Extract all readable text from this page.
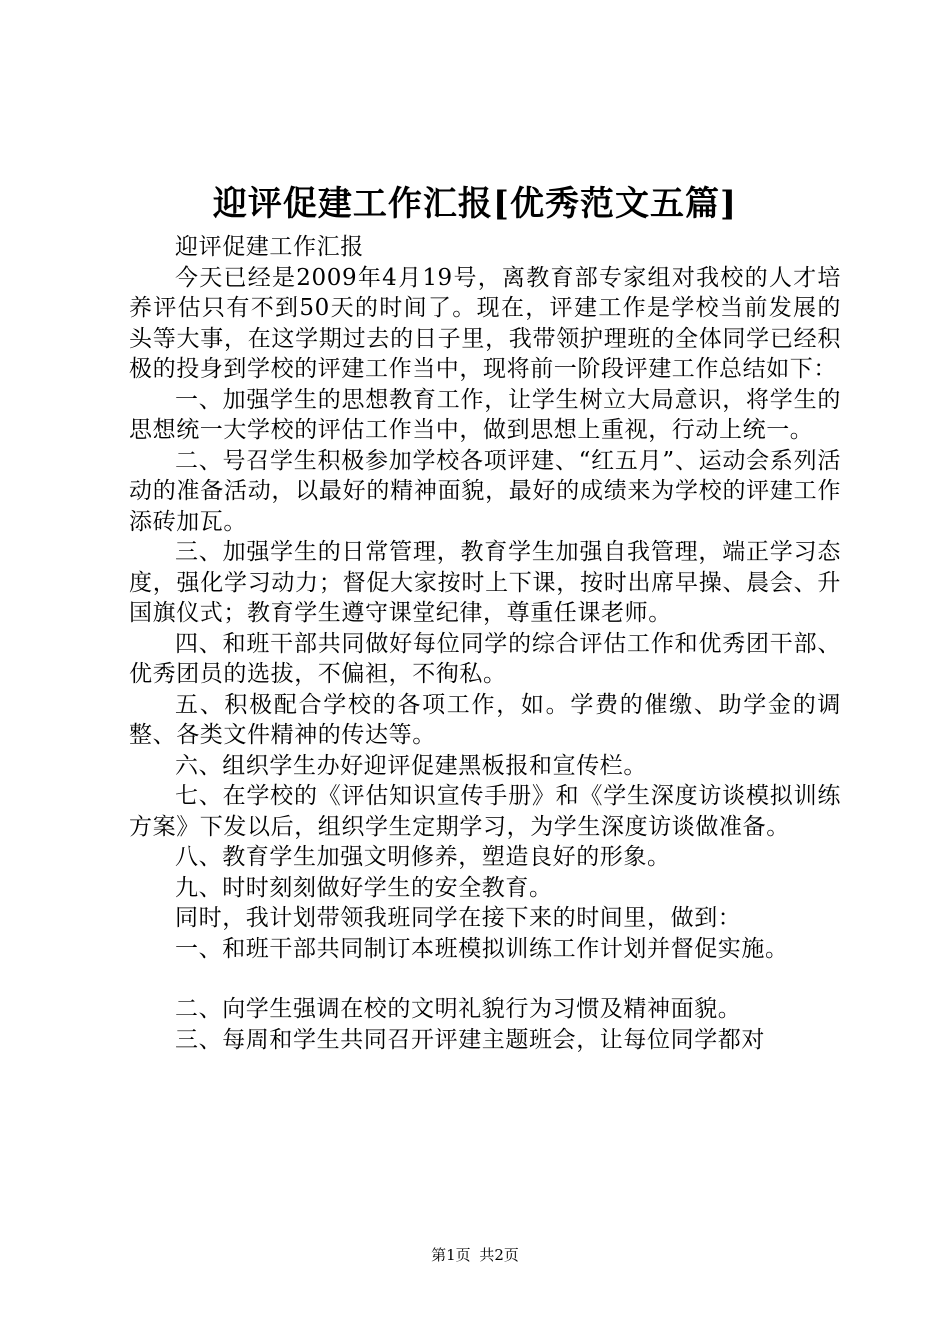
迎评促建工作汇报[优秀范文五篇]

迎评促建工作汇报

今天已经是2009年4月19号，离教育部专家组对我校的人才培养评估只有不到50天的时间了。现在，评建工作是学校当前发展的头等大事，在这学期过去的日子里，我带领护理班的全体同学已经积极的投身到学校的评建工作当中，现将前一阶段评建工作总结如下：

一、加强学生的思想教育工作，让学生树立大局意识，将学生的思想统一大学校的评估工作当中，做到思想上重视，行动上统一。

二、号召学生积极参加学校各项评建、“红五月”、运动会系列活动的准备活动，以最好的精神面貌，最好的成绩来为学校的评建工作添砖加瓦。

三、加强学生的日常管理，教育学生加强自我管理，端正学习态度，强化学习动力；督促大家按时上下课，按时出席早操、晨会、升国旗仪式；教育学生遵守课堂纪律，尊重任课老师。

四、和班干部共同做好每位同学的综合评估工作和优秀团干部、优秀团员的选拔，不偏袒，不徇私。

五、积极配合学校的各项工作，如。学费的催缴、助学金的调整、各类文件精神的传达等。

六、组织学生办好迎评促建黑板报和宣传栏。

七、在学校的《评估知识宣传手册》和《学生深度访谈模拟训练方案》下发以后，组织学生定期学习，为学生深度访谈做准备。

八、教育学生加强文明修养，塑造良好的形象。

九、时时刻刻做好学生的安全教育。

同时，我计划带领我班同学在接下来的时间里，做到：

一、和班干部共同制订本班模拟训练工作计划并督促实施。

二、向学生强调在校的文明礼貌行为习惯及精神面貌。

三、每周和学生共同召开评建主题班会，让每位同学都对

第1页 共2页
